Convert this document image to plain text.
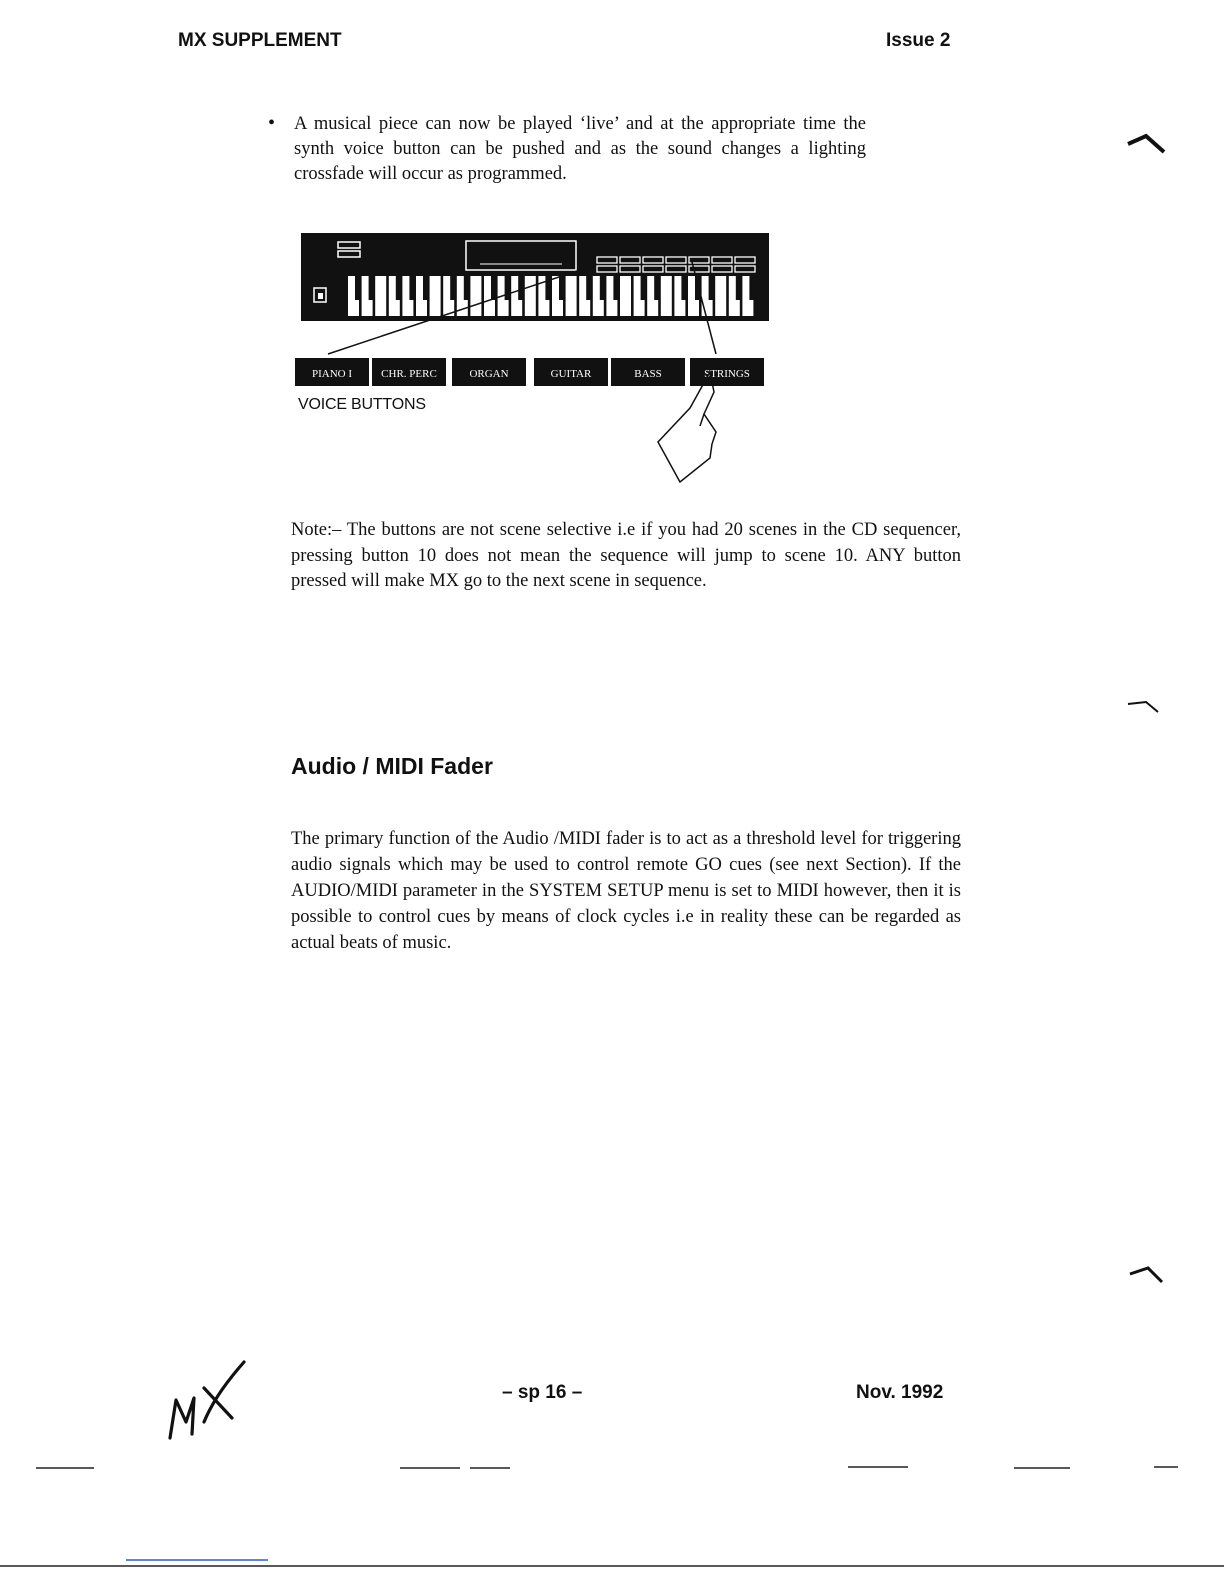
MX SUPPLEMENT	Issue 2
• A musical piece can now be played ‘live’ and at the appropriate time the synth voice button can be pushed and as the sound changes a lighting crossfade will occur as programmed.
PIANO I	CHR. PERC	ORGAN	GUITAR	BASS	STRINGS
VOICE BUTTONS
Note:– The buttons are not scene selective i.e if you had 20 scenes in the CD sequencer, pressing button 10 does not mean the sequence will jump to scene 10. ANY button pressed will make MX go to the next scene in sequence.
Audio / MIDI Fader
The primary function of the Audio /MIDI fader is to act as a threshold level for triggering audio signals which may be used to control remote GO cues (see next Section). If the AUDIO/MIDI parameter in the SYSTEM SETUP menu is set to MIDI however, then it is possible to control cues by means of clock cycles i.e in reality these can be regarded as actual beats of music.
– sp 16 –	Nov. 1992
